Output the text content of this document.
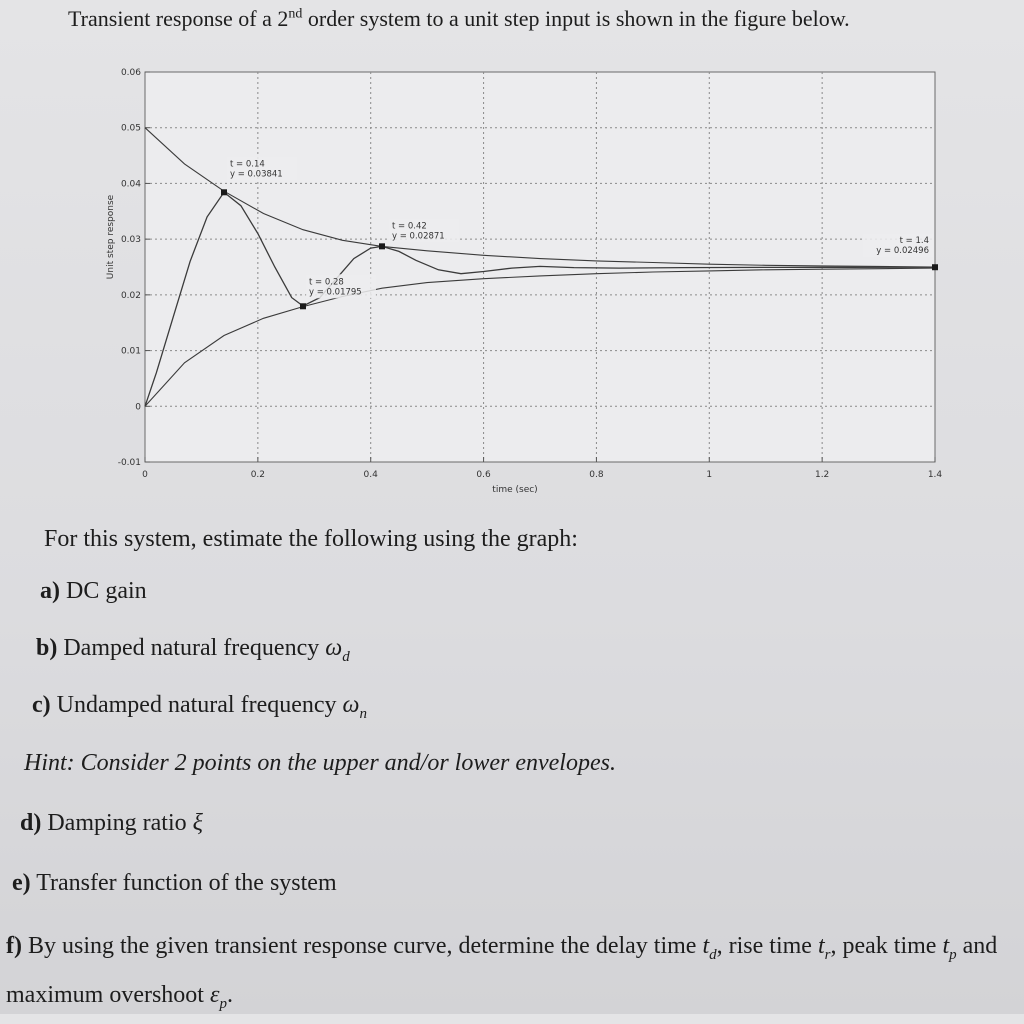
Transient response of a 2nd order system to a unit step input is shown in the figure below.
0	0.2	0.4	0.6	0.8	1	1.2	1.4
-0.01
0
0.01
0.02
0.03
0.04
0.05
0.06
time (sec)
Unit step response
t = 0.14
y = 0.03841
t = 0.28
y = 0.01795
t = 0.42
y = 0.02871	t = 1.4
y = 0.02496
For this system, estimate the following using the graph:
a) DC gain
b) Damped natural frequency $\omega_d$
c) Undamped natural frequency $\omega_n$
Hint: Consider 2 points on the upper and/or lower envelopes.
d) Damping ratio ξ
e) Transfer function of the system
f) By using the given transient response curve, determine the delay time $t_d$, rise time $t_r$, peak time $t_p$ and maximum overshoot $\varepsilon_p$.
